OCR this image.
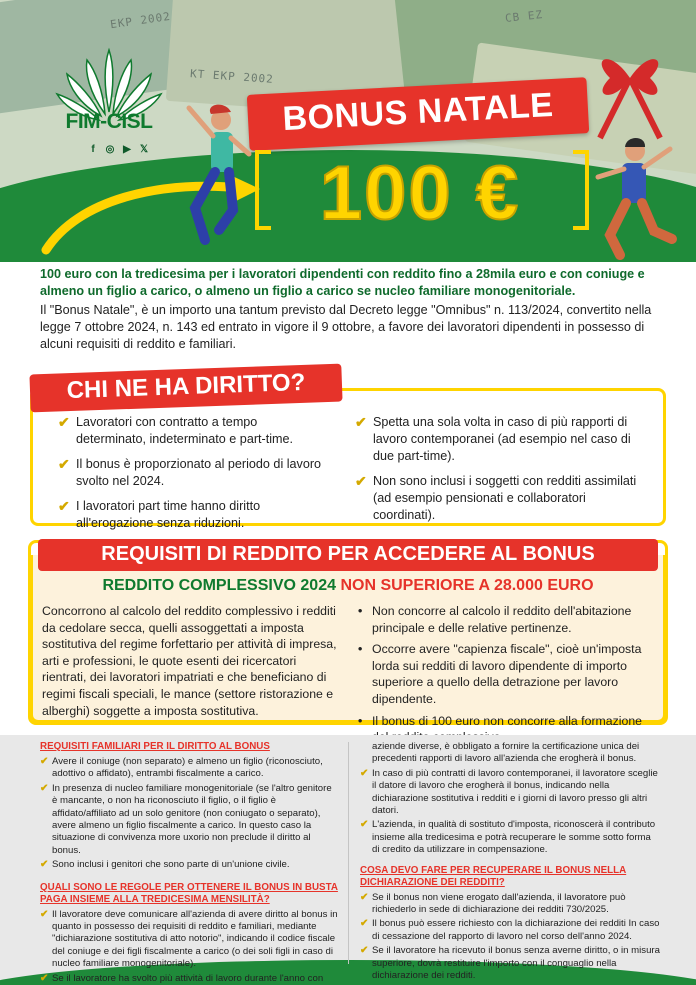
EKP 2002
KT EKP 2002
CB EZ
FIM-CISL
f	◎ ▶ 𝕏
BONUS NATALE
100 €

100 euro con la tredicesima per i lavoratori dipendenti con reddito fino a 28mila euro e con coniuge e almeno un figlio a carico, o almeno un figlio a carico se nucleo familiare monogenitoriale.

Il "Bonus Natale", è un importo una tantum previsto dal Decreto legge "Omnibus" n. 113/2024, convertito nella legge 7 ottobre 2024, n. 143 ed entrato in vigore il 9 ottobre, a favore dei lavoratori dipendenti in possesso di alcuni requisiti di reddito e familiari.

CHI NE HA DIRITTO?
✔ Lavoratori con contratto a tempo determinato, indeterminato e part-time.
✔ Il bonus è proporzionato al periodo di lavoro svolto nel 2024.
✔ I lavoratori part time hanno diritto all'erogazione senza riduzioni.
✔ Spetta una sola volta in caso di più rapporti di lavoro contemporanei (ad esempio nel caso di due part-time).
✔ Non sono inclusi i soggetti con redditi assimilati (ad esempio pensionati e collaboratori coordinati).
REQUISITI DI REDDITO PER ACCEDERE AL BONUS
REDDITO COMPLESSIVO 2024 NON SUPERIORE A 28.000 EURO
Concorrono al calcolo del reddito complessivo i redditi da cedolare secca, quelli assoggettati a imposta sostitutiva del regime forfettario per attività di impresa, arti e professioni, le quote esenti dei ricercatori rientrati, dei lavoratori impatriati e che beneficiano di regimi fiscali speciali, le mance (settore ristorazione e alberghi) soggette a imposta sostitutiva.
• Non concorre al calcolo il reddito dell'abitazione principale e delle relative pertinenze.
• Occorre avere "capienza fiscale", cioè un'imposta lorda sui redditi di lavoro dipendente di importo superiore a quello della detrazione per lavoro dipendente.
• Il bonus di 100 euro non concorre alla formazione
REQUISITI FAMILIARI PER IL DIRITTO AL BONUS
✔ Avere il coniuge (non separato) e almeno un figlio (riconosciuto, adottivo o affidato), entrambi fiscalmente a carico.
✔ In presenza di nucleo familiare monogenitoriale (se l'altro genitore è mancante, o non ha riconosciuto il figlio, o il figlio è affidato/affiliato ad un solo genitore (non coniugato o separato), avere almeno un figlio fiscalmente a carico. In questo caso la situazione di convivenza more uxorio non preclude il diritto al bonus.
✔ Sono inclusi i genitori che sono parte di un'unione civile.
QUALI SONO LE REGOLE PER OTTENERE IL BONUS IN BUSTA PAGA INSIEME ALLA TREDICESIMA MENSILITÀ?
✔ Il lavoratore deve comunicare all'azienda di avere diritto al bonus in quanto in possesso dei requisiti di reddito e familiari, mediante "dichiarazione sostitutiva di atto notorio", indicando il codice fiscale del coniuge e dei figli fiscalmente a carico (o dei soli figli in caso di nucleo familiare monogenitoriale).
✔ Se il lavoratore ha svolto più attività di lavoro durante l'anno con
aziende diverse, è obbligato a fornire la certificazione unica dei precedenti rapporti di lavoro all'azienda che erogherà il bonus.
✔ In caso di più contratti di lavoro contemporanei, il lavoratore sceglie il datore di lavoro che erogherà il bonus, indicando nella dichiarazione sostitutiva i redditi e i giorni di lavoro presso gli altri datori.
✔ L'azienda, in qualità di sostituto d'imposta, riconoscerà il contributo insieme alla tredicesima e potrà recuperare le somme sotto forma di credito da utilizzare in compensazione.
COSA DEVO FARE PER RECUPERARE IL BONUS NELLA DICHIARAZIONE DEI REDDITI?
✔ Se il bonus non viene erogato dall'azienda, il lavoratore può richiederlo in sede di dichiarazione dei redditi 730/2025.
✔ Il bonus può essere richiesto con la dichiarazione dei redditi In caso di cessazione del rapporto di lavoro nel corso dell'anno 2024.
✔ Se il lavoratore ha ricevuto il bonus senza averne diritto, o in misura superiore, dovrà restituire l'importo con il conguaglio nella dichiarazione dei redditi.
